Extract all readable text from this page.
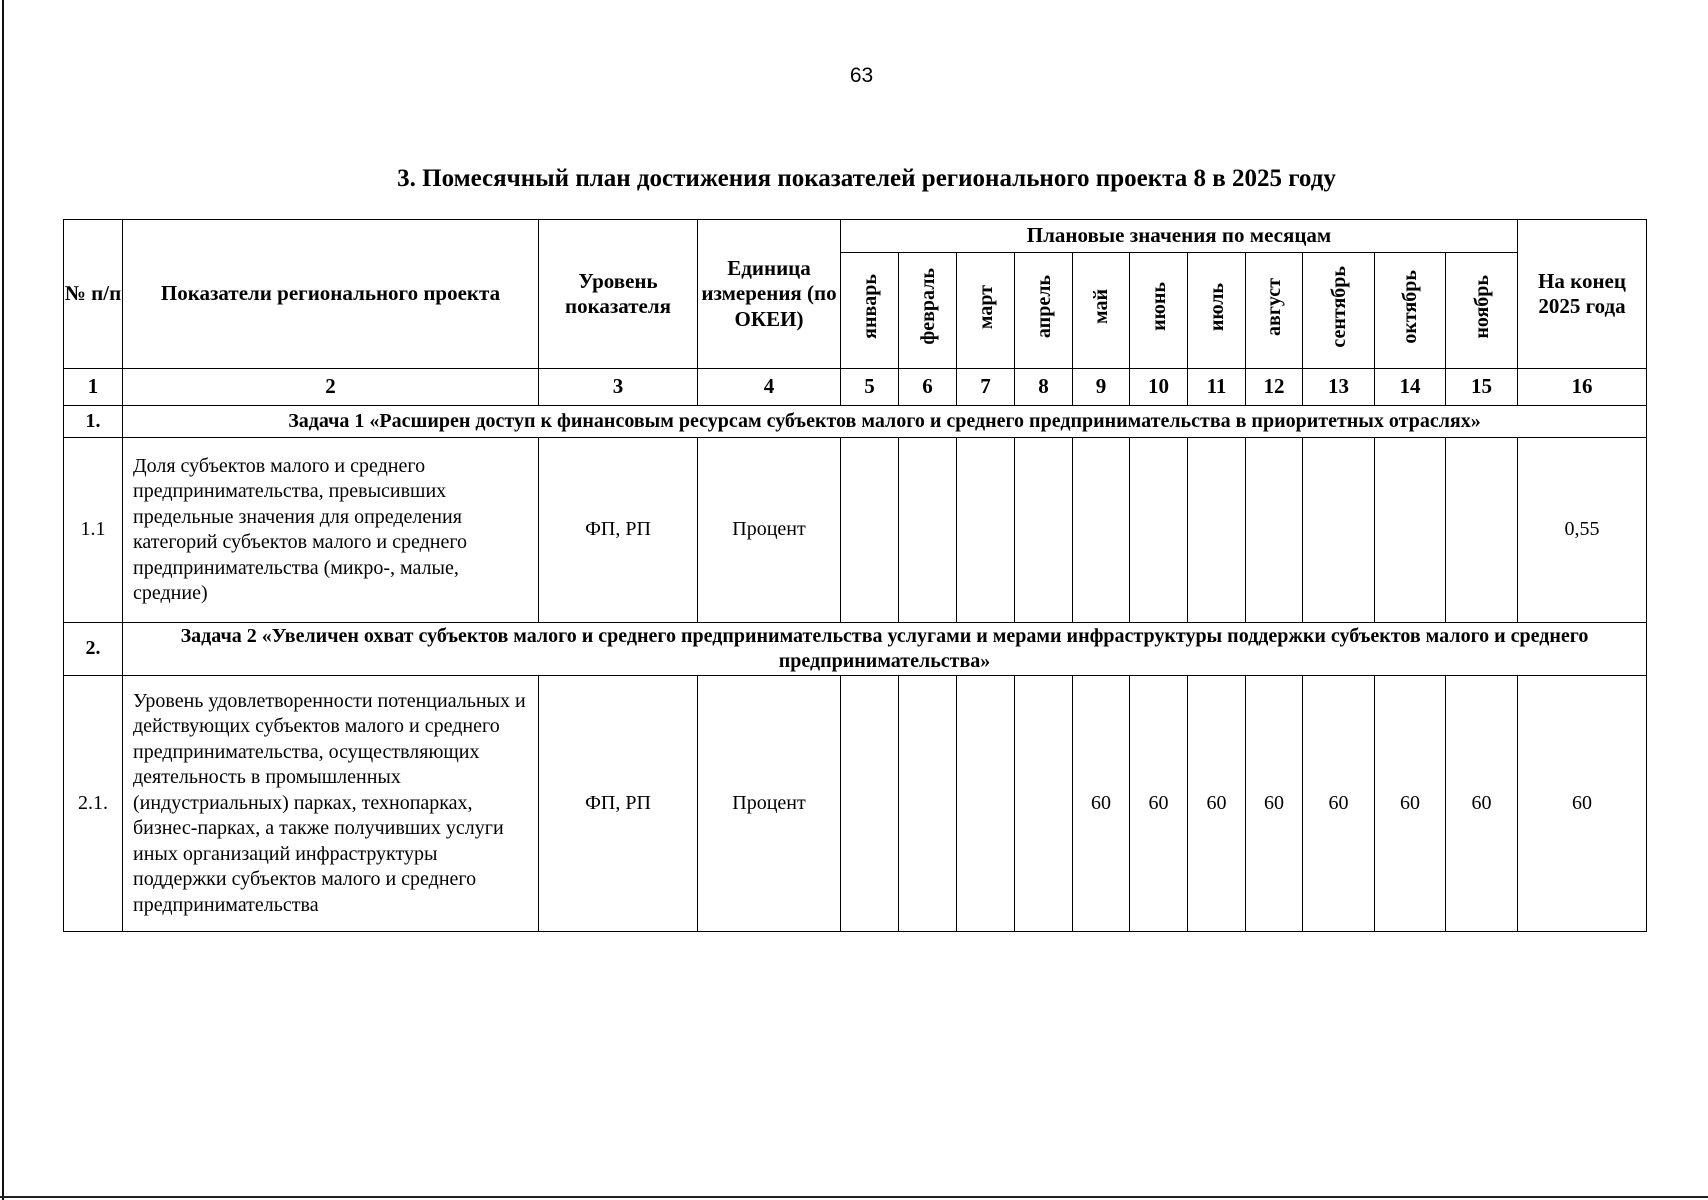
63
3. Помесячный план достижения показателей регионального проекта 8 в 2025 году
№ п/п	Показатели регионального проекта	Уровень показателя	Единица измерения (по ОКЕИ)	Плановые значения по месяцам											На конец 2025 года
				январь	февраль	март	апрель	май	июнь	июль	август	сентябрь	октябрь	ноябрь	
1	2	3	4	5	6	7	8	9	10	11	12	13	14	15	16
1.	Задача 1 «Расширен доступ к финансовым ресурсам субъектов малого и среднего предпринимательства в приоритетных отраслях»														
1.1	Доля субъектов малого и среднего предпринимательства, превысивших предельные значения для определения категорий субъектов малого и среднего предпринимательства (микро-, малые, средние)	ФП, РП	Процент												0,55
2.	Задача 2 «Увеличен охват субъектов малого и среднего предпринимательства услугами и мерами инфраструктуры поддержки субъектов малого и среднего предпринимательства»														
2.1.	Уровень удовлетворенности потенциальных и действующих субъектов малого и среднего предпринимательства, осуществляющих деятельность в промышленных (индустриальных) парках, технопарках, бизнес-парках, а также получивших услуги иных организаций инфраструктуры поддержки субъектов малого и среднего предпринимательства	ФП, РП	Процент					60	60	60	60	60	60	60	60
